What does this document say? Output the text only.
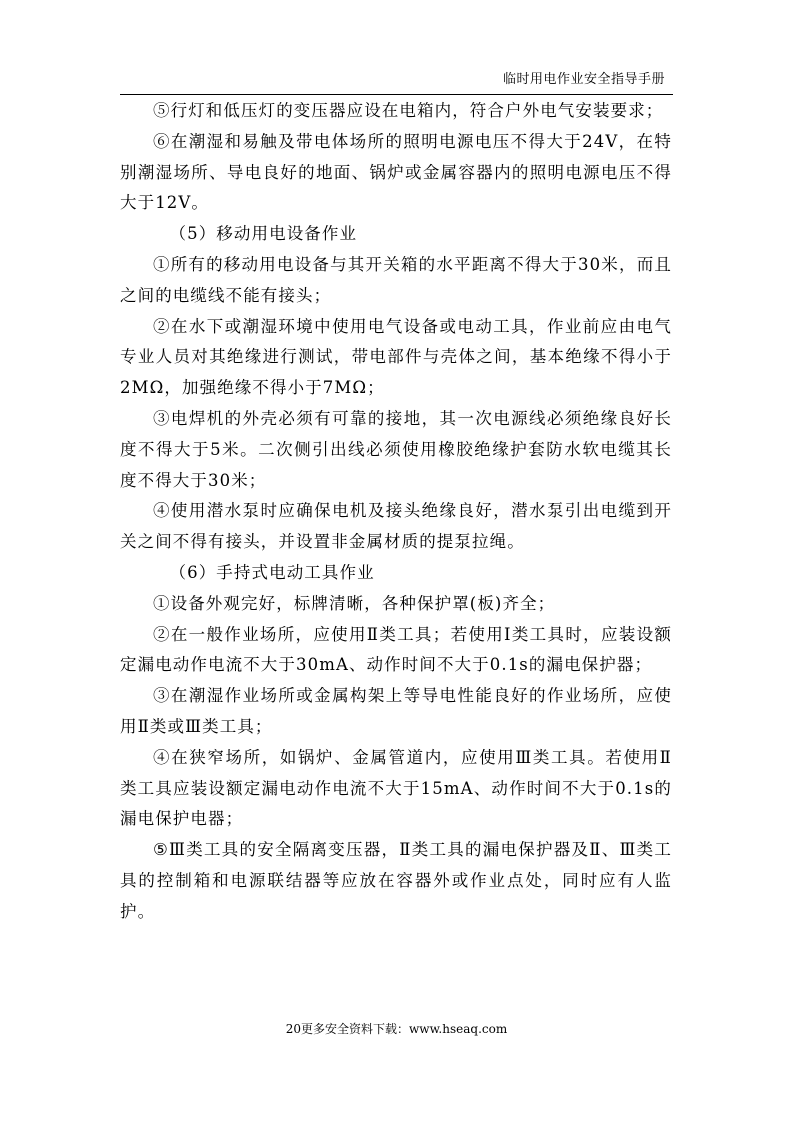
临时用电作业安全指导手册

⑤行灯和低压灯的变压器应设在电箱内，符合户外电气安装要求；

⑥在潮湿和易触及带电体场所的照明电源电压不得大于24V，在特别潮湿场所、导电良好的地面、锅炉或金属容器内的照明电源电压不得大于12V。

（5）移动用电设备作业

①所有的移动用电设备与其开关箱的水平距离不得大于30米，而且之间的电缆线不能有接头；

②在水下或潮湿环境中使用电气设备或电动工具，作业前应由电气专业人员对其绝缘进行测试，带电部件与壳体之间，基本绝缘不得小于2MΩ，加强绝缘不得小于7MΩ；

③电焊机的外壳必须有可靠的接地，其一次电源线必须绝缘良好长度不得大于5米。二次侧引出线必须使用橡胶绝缘护套防水软电缆其长度不得大于30米；

④使用潜水泵时应确保电机及接头绝缘良好，潜水泵引出电缆到开关之间不得有接头，并设置非金属材质的提泵拉绳。

（6）手持式电动工具作业

①设备外观完好，标牌清晰，各种保护罩(板)齐全；

②在一般作业场所，应使用Ⅱ类工具；若使用Ⅰ类工具时，应装设额定漏电动作电流不大于30mA、动作时间不大于0.1s的漏电保护器；

③在潮湿作业场所或金属构架上等导电性能良好的作业场所，应使用Ⅱ类或Ⅲ类工具；

④在狭窄场所，如锅炉、金属管道内，应使用Ⅲ类工具。若使用Ⅱ类工具应装设额定漏电动作电流不大于15mA、动作时间不大于0.1s的漏电保护电器；

⑤Ⅲ类工具的安全隔离变压器，Ⅱ类工具的漏电保护器及Ⅱ、Ⅲ类工具的控制箱和电源联结器等应放在容器外或作业点处，同时应有人监护。

20更多安全资料下载：www.hseaq.com
